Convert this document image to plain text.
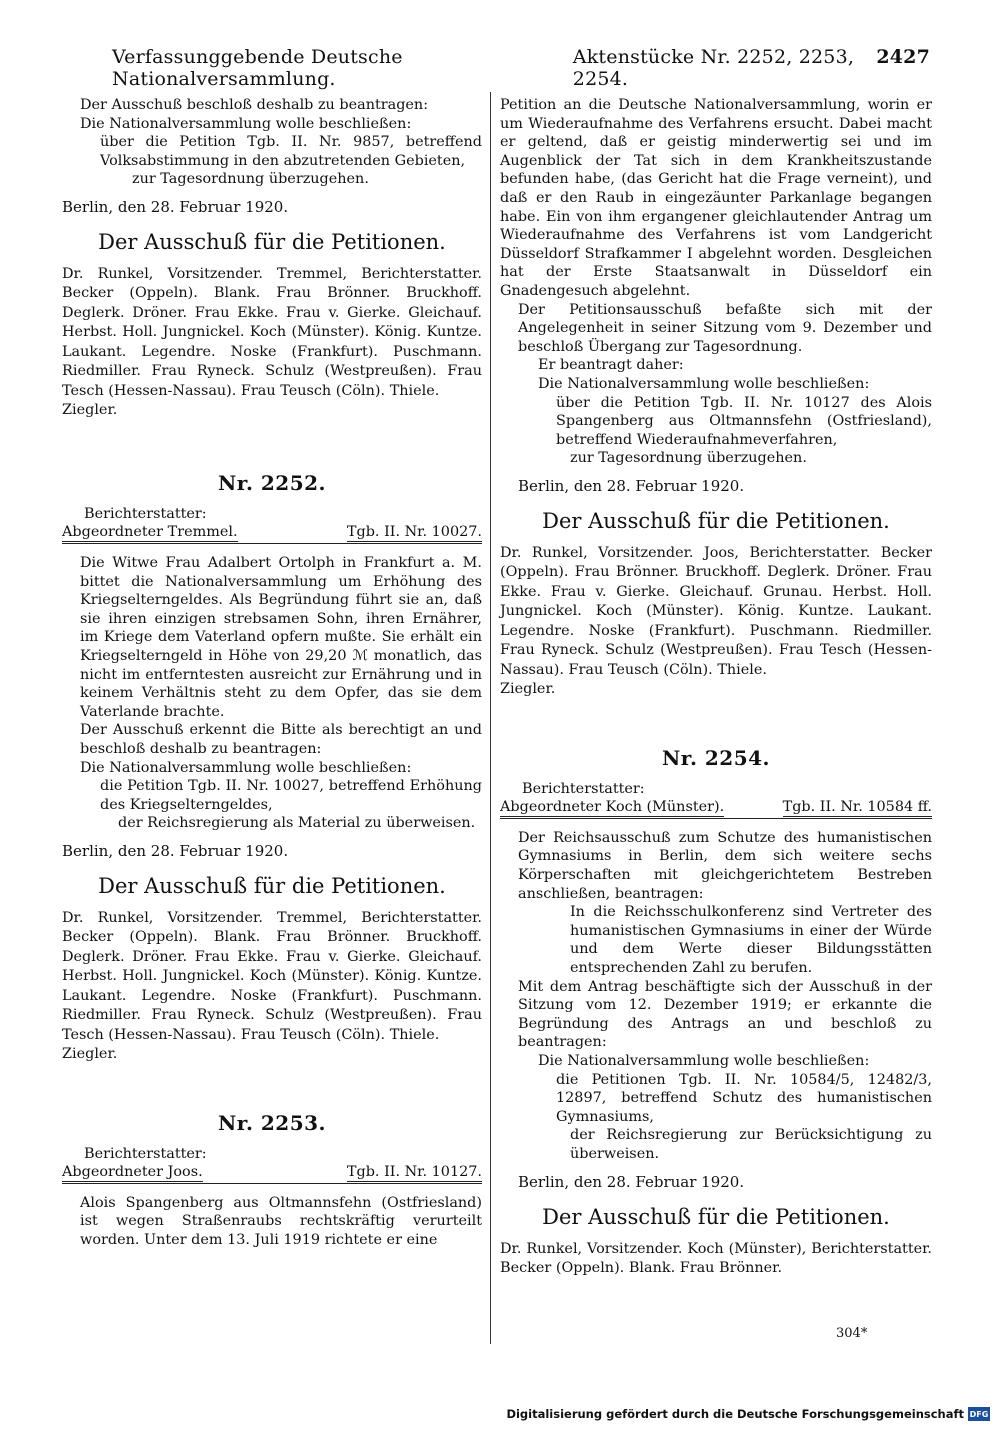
Verfassunggebende Deutsche Nationalversammlung.
Aktenstücke Nr. 2252, 2253, 2254.
2427

Der Ausschuß beschloß deshalb zu beantragen:

Die Nationalversammlung wolle beschließen:

über die Petition Tgb. II. Nr. 9857, betreffend Volksabstimmung in den abzutretenden Gebieten,

zur Tagesordnung überzugehen.

Berlin, den 28. Februar 1920.

Der Ausschuß für die Petitionen.

Dr. Runkel, Vorsitzender. Tremmel, Berichterstatter. Becker (Oppeln). Blank. Frau Brönner. Bruckhoff. Deglerk. Dröner. Frau Ekke. Frau v. Gierke. Gleichauf. Herbst. Holl. Jungnickel. Koch (Münster). König. Kuntze. Laukant. Legendre. Noske (Frankfurt). Puschmann. Riedmiller. Frau Ryneck. Schulz (Westpreußen). Frau Tesch (Hessen-Nassau). Frau Teusch (Cöln). Thiele.

Ziegler.

Nr. 2252.

Berichterstatter:
Abgeordneter Tremmel.	Tgb. II. Nr. 10027.

Die Witwe Frau Adalbert Ortolph in Frankfurt a. M. bittet die Nationalversammlung um Erhöhung des Kriegselterngeldes. Als Begründung führt sie an, daß sie ihren einzigen strebsamen Sohn, ihren Ernährer, im Kriege dem Vaterland opfern mußte. Sie erhält ein Kriegselterngeld in Höhe von 29,20 ℳ monatlich, das nicht im entferntesten ausreicht zur Ernährung und in keinem Verhältnis steht zu dem Opfer, das sie dem Vaterlande brachte.

Der Ausschuß erkennt die Bitte als berechtigt an und beschloß deshalb zu beantragen:

Die Nationalversammlung wolle beschließen:

die Petition Tgb. II. Nr. 10027, betreffend Erhöhung des Kriegselterngeldes,

der Reichsregierung als Material zu überweisen.

Berlin, den 28. Februar 1920.

Der Ausschuß für die Petitionen.

Dr. Runkel, Vorsitzender. Tremmel, Berichterstatter. Becker (Oppeln). Blank. Frau Brönner. Bruckhoff. Deglerk. Dröner. Frau Ekke. Frau v. Gierke. Gleichauf. Herbst. Holl. Jungnickel. Koch (Münster). König. Kuntze. Laukant. Legendre. Noske (Frankfurt). Puschmann. Riedmiller. Frau Ryneck. Schulz (Westpreußen). Frau Tesch (Hessen-Nassau). Frau Teusch (Cöln). Thiele.

Ziegler.

Nr. 2253.

Berichterstatter:
Abgeordneter Joos.	Tgb. II. Nr. 10127.

Alois Spangenberg aus Oltmannsfehn (Ostfriesland) ist wegen Straßenraubs rechtskräftig verurteilt worden. Unter dem 13. Juli 1919 richtete er eine

Petition an die Deutsche Nationalversammlung, worin er um Wiederaufnahme des Verfahrens ersucht. Dabei macht er geltend, daß er geistig minderwertig sei und im Augenblick der Tat sich in dem Krankheitszustande befunden habe, (das Gericht hat die Frage verneint), und daß er den Raub in eingezäunter Parkanlage begangen habe. Ein von ihm ergangener gleichlautender Antrag um Wiederaufnahme des Verfahrens ist vom Landgericht Düsseldorf Strafkammer I abgelehnt worden. Desgleichen hat der Erste Staatsanwalt in Düsseldorf ein Gnadengesuch abgelehnt.

Der Petitionsausschuß befaßte sich mit der Angelegenheit in seiner Sitzung vom 9. Dezember und beschloß Übergang zur Tagesordnung.

Er beantragt daher:

Die Nationalversammlung wolle beschließen:

über die Petition Tgb. II. Nr. 10127 des Alois Spangenberg aus Oltmannsfehn (Ostfriesland), betreffend Wiederaufnahmeverfahren,

zur Tagesordnung überzugehen.

Berlin, den 28. Februar 1920.

Der Ausschuß für die Petitionen.

Dr. Runkel, Vorsitzender. Joos, Berichterstatter. Becker (Oppeln). Frau Brönner. Bruckhoff. Deglerk. Dröner. Frau Ekke. Frau v. Gierke. Gleichauf. Grunau. Herbst. Holl. Jungnickel. Koch (Münster). König. Kuntze. Laukant. Legendre. Noske (Frankfurt). Puschmann. Riedmiller. Frau Ryneck. Schulz (Westpreußen). Frau Tesch (Hessen-Nassau). Frau Teusch (Cöln). Thiele.

Ziegler.

Nr. 2254.

Berichterstatter:
Abgeordneter Koch (Münster).	Tgb. II. Nr. 10584 ff.

Der Reichsausschuß zum Schutze des humanistischen Gymnasiums in Berlin, dem sich weitere sechs Körperschaften mit gleichgerichtetem Bestreben anschließen, beantragen:

In die Reichsschulkonferenz sind Vertreter des humanistischen Gymnasiums in einer der Würde und dem Werte dieser Bildungsstätten entsprechenden Zahl zu berufen.

Mit dem Antrag beschäftigte sich der Ausschuß in der Sitzung vom 12. Dezember 1919; er erkannte die Begründung des Antrags an und beschloß zu beantragen:

Die Nationalversammlung wolle beschließen:

die Petitionen Tgb. II. Nr. 10584/5, 12482/3, 12897, betreffend Schutz des humanistischen Gymnasiums,

der Reichsregierung zur Berücksichtigung zu überweisen.

Berlin, den 28. Februar 1920.

Der Ausschuß für die Petitionen.

Dr. Runkel, Vorsitzender. Koch (Münster), Berichterstatter. Becker (Oppeln). Blank. Frau Brönner.

304*
Digitalisierung gefördert durch die Deutsche Forschungsgemeinschaft DFG
